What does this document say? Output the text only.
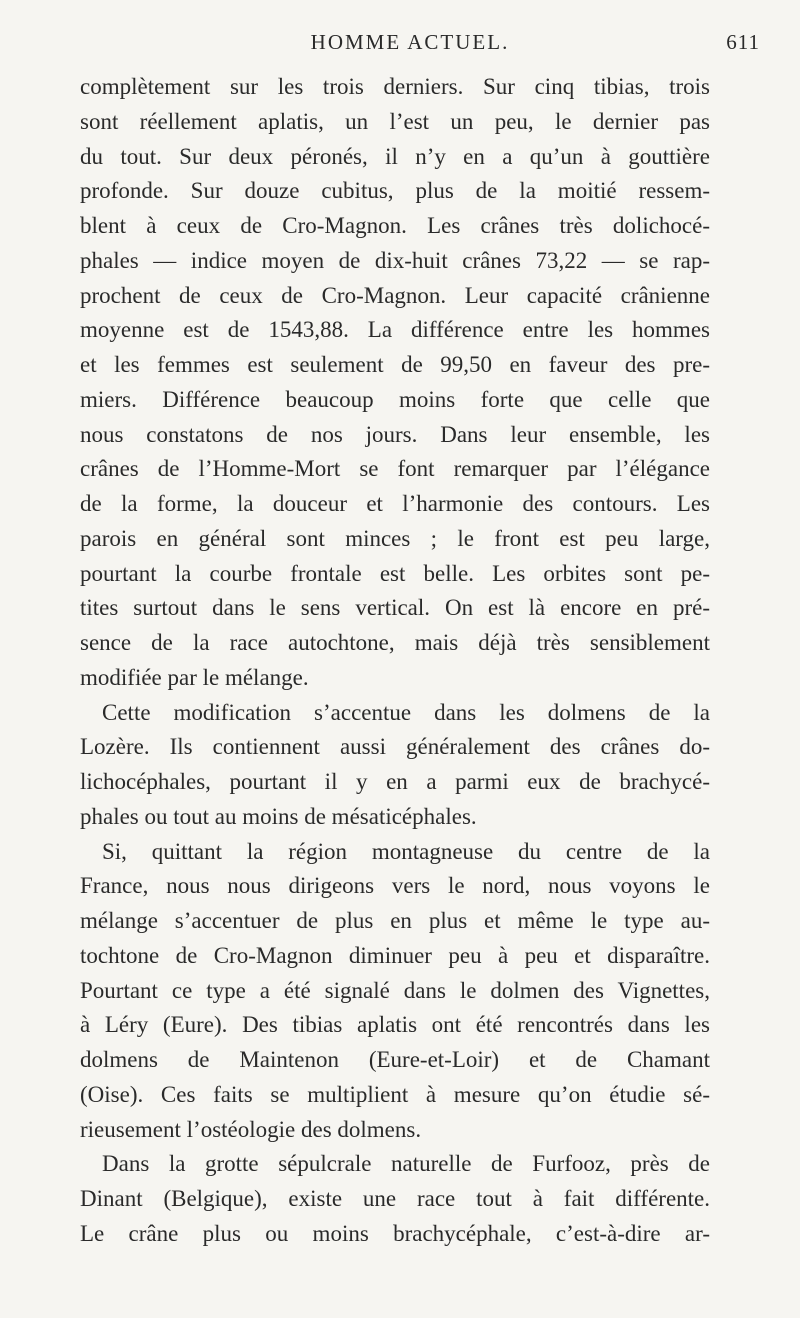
HOMME ACTUEL.	611
complètement sur les trois derniers. Sur cinq tibias, trois
sont réellement aplatis, un l’est un peu, le dernier pas
du tout. Sur deux péronés, il n’y en a qu’un à gouttière
profonde. Sur douze cubitus, plus de la moitié ressem-
blent à ceux de Cro-Magnon. Les crânes très dolichocé-
phales — indice moyen de dix-huit crânes 73,22 — se rap-
prochent de ceux de Cro-Magnon. Leur capacité crânienne
moyenne est de 1543,88. La différence entre les hommes
et les femmes est seulement de 99,50 en faveur des pre-
miers. Différence beaucoup moins forte que celle que
nous constatons de nos jours. Dans leur ensemble, les
crânes de l’Homme-Mort se font remarquer par l’élégance
de la forme, la douceur et l’harmonie des contours. Les
parois en général sont minces ; le front est peu large,
pourtant la courbe frontale est belle. Les orbites sont pe-
tites surtout dans le sens vertical. On est là encore en pré-
sence de la race autochtone, mais déjà très sensiblement
modifiée par le mélange.
Cette modification s’accentue dans les dolmens de la
Lozère. Ils contiennent aussi généralement des crânes do-
lichocéphales, pourtant il y en a parmi eux de brachycé-
phales ou tout au moins de mésaticéphales.
Si, quittant la région montagneuse du centre de la
France, nous nous dirigeons vers le nord, nous voyons le
mélange s’accentuer de plus en plus et même le type au-
tochtone de Cro-Magnon diminuer peu à peu et disparaître.
Pourtant ce type a été signalé dans le dolmen des Vignettes,
à Léry (Eure). Des tibias aplatis ont été rencontrés dans les
dolmens de Maintenon (Eure-et-Loir) et de Chamant
(Oise). Ces faits se multiplient à mesure qu’on étudie sé-
rieusement l’ostéologie des dolmens.
Dans la grotte sépulcrale naturelle de Furfooz, près de
Dinant (Belgique), existe une race tout à fait différente.
Le crâne plus ou moins brachycéphale, c’est-à-dire ar-
